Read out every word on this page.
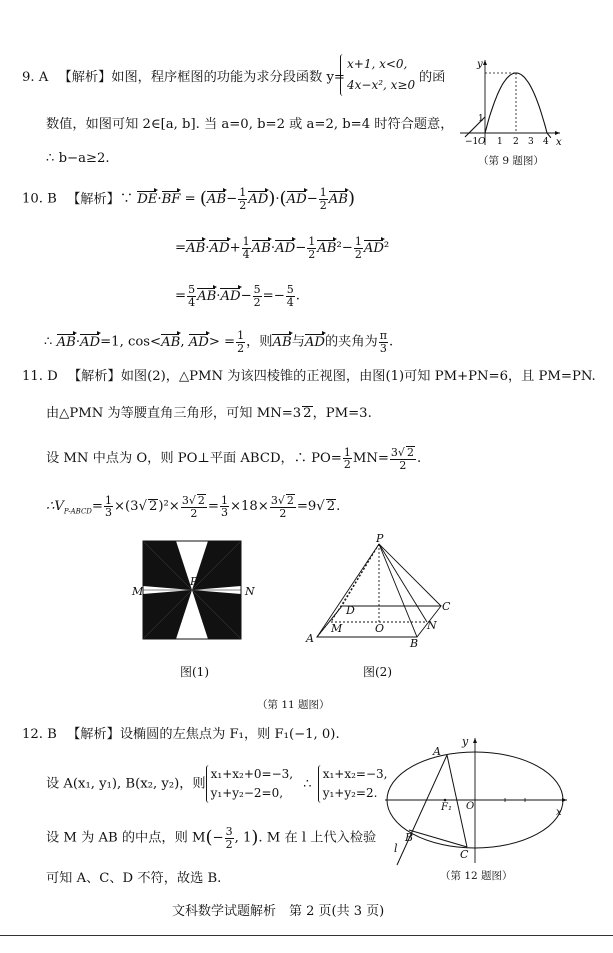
9. A 【解析】如图，程序框图的功能为求分段函数 y=
x+1, x<0,
4x−x², x≥0 的函
数值，如图可知 2∈[a, b]. 当 a=0, b=2 或 a=2, b=4 时符合题意，
∴ b−a≥2.
y
x
1
−1 O 1 2 3 4
（第 9 题图）
10. B 【解析】∵ $DE\cdot BF = (AB- \frac{1}{2} AD)\cdot(AD- \frac{1}{2} AB)$
$=AB\cdot AD+ \frac{1}{4} AB\cdot AD- \frac{1}{2} AB^2- \frac{1}{2} AD^2$
= $\frac{5}{4} AB\cdot AD- \frac{5}{2} =- \frac{5}{4}$ .
∴ AB·AD=1, cos<AB, $AD> = \frac{1}{2}$ ，则AB与AD的夹角为 $\frac{\pi}{3}$ .
11. D 【解析】如图(2)，△PMN 为该四棱锥的正视图，由图(1)可知 PM+PN=6，且 PM=PN.
由△PMN 为等腰直角三角形，可知 MN=3 2，PM=3.
设 MN 中点为 O，则 PO⊥平面 ABCD，∴ $PO= \frac{1}{2} MN= \frac{3√ 2}{2}$ .
$\therefore V_{P-ABCD}= \frac{1}{3} \times(3√$ $2)^2\times \frac{3√ 2}{2} = \frac{1}{3} \times 18\times \frac{3√ 2}{2} =9√$ 2.
M
P
N
P
D	C
M	O	N
A	B
图(1)	图(2)
（第 11 题图）
12. B 【解析】设椭圆的左焦点为 F₁，则 F₁(−1, 0).
设 A(x₁, y₁), B(x₂, y₂)，则x₁+x₂+0=−3,
y₁+y₂−2=0, ∴x₁+x₂=−3,
y₁+y₂=2.
设 M 为 AB 的中点，则 $M(- \frac{3}{2}$ , 1). M 在 l 上代入检验
可知 A、C、D 不符，故选 B.
A
y
F₁ O
x
B
C
l
（第 12 题图）
文科数学试题解析　第 2 页(共 3 页)
